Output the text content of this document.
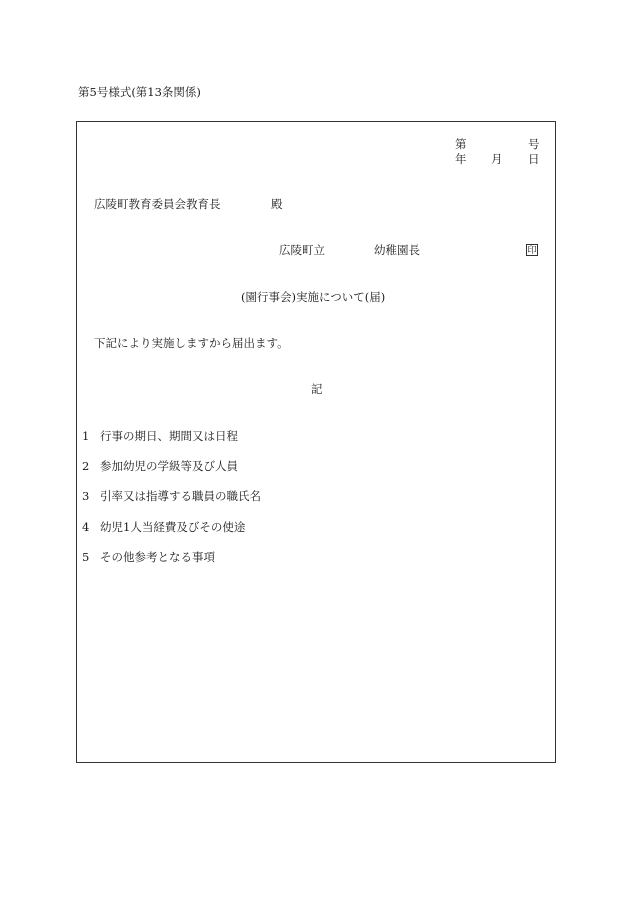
第5号様式(第13条関係)
第	号
年 月 日
広陵町教育委員会教育長	殿
広陵町立	幼稚園長	印
(園行事会)実施について(届)
下記により実施しますから届出ます。
記
1 行事の期日、期間又は日程
2 参加幼児の学級等及び人員
3 引率又は指導する職員の職氏名
4 幼児1人当経費及びその使途
5 その他参考となる事項
